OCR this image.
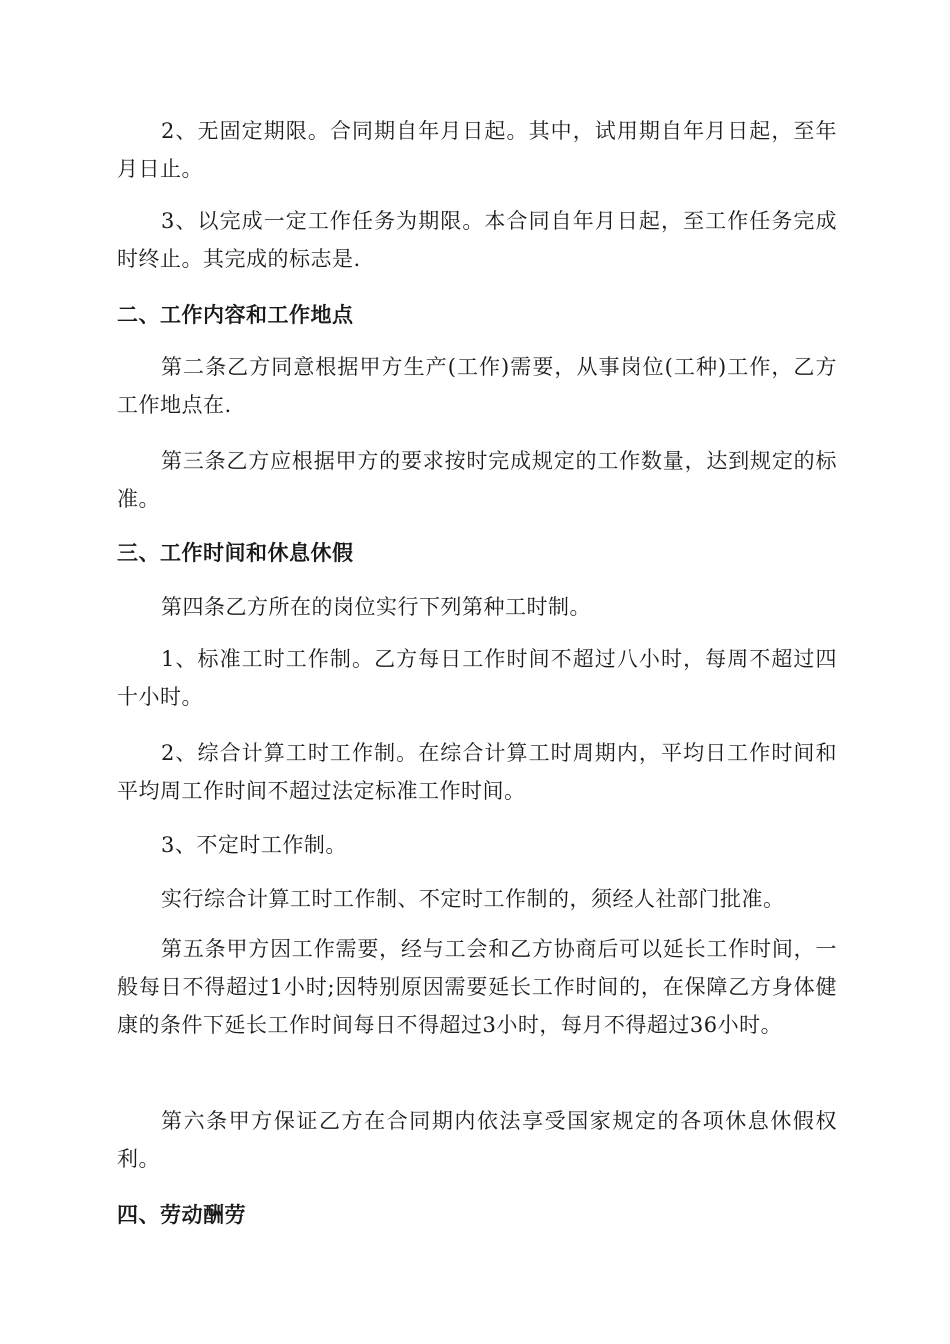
2、无固定期限。合同期自年月日起。其中，试用期自年月日起，至年月日止。

3、以完成一定工作任务为期限。本合同自年月日起，至工作任务完成时终止。其完成的标志是.

二、工作内容和工作地点

第二条乙方同意根据甲方生产(工作)需要，从事岗位(工种)工作，乙方工作地点在.

第三条乙方应根据甲方的要求按时完成规定的工作数量，达到规定的标准。

三、工作时间和休息休假

第四条乙方所在的岗位实行下列第种工时制。

1、标准工时工作制。乙方每日工作时间不超过八小时，每周不超过四十小时。

2、综合计算工时工作制。在综合计算工时周期内，平均日工作时间和平均周工作时间不超过法定标准工作时间。

3、不定时工作制。

实行综合计算工时工作制、不定时工作制的，须经人社部门批准。

第五条甲方因工作需要，经与工会和乙方协商后可以延长工作时间，一般每日不得超过1小时;因特别原因需要延长工作时间的，在保障乙方身体健康的条件下延长工作时间每日不得超过3小时，每月不得超过36小时。

第六条甲方保证乙方在合同期内依法享受国家规定的各项休息休假权利。

四、劳动酬劳
